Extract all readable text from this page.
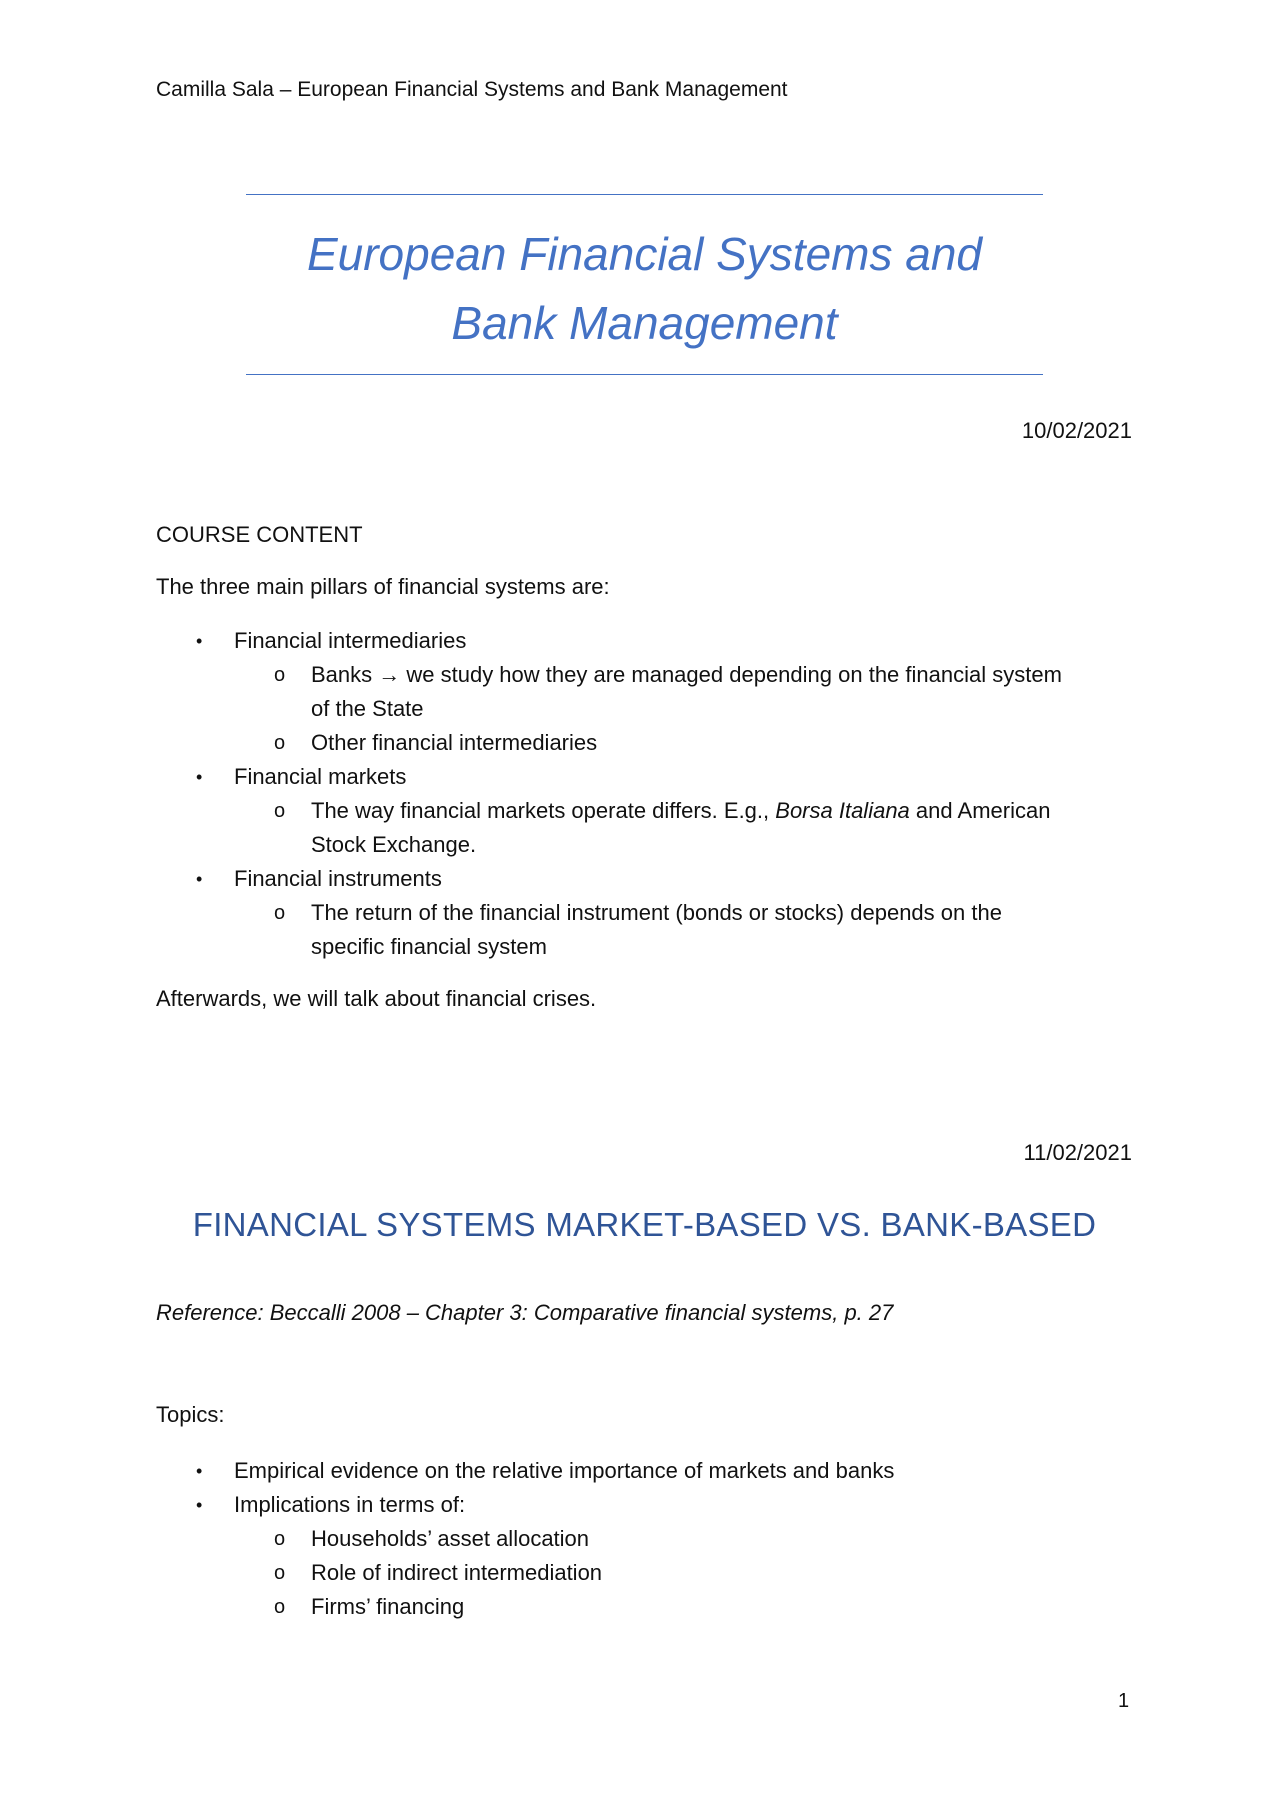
Camilla Sala – European Financial Systems and Bank Management
European Financial Systems and
Bank Management
10/02/2021
COURSE CONTENT
The three main pillars of financial systems are:
• Financial intermediaries
o Banks → we study how they are managed depending on the financial system
of the State
o Other financial intermediaries
• Financial markets
o The way financial markets operate differs. E.g., Borsa Italiana and American
Stock Exchange.
• Financial instruments
o The return of the financial instrument (bonds or stocks) depends on the
specific financial system
Afterwards, we will talk about financial crises.
11/02/2021
FINANCIAL SYSTEMS MARKET-BASED VS. BANK-BASED
Reference: Beccalli 2008 – Chapter 3: Comparative financial systems, p. 27
Topics:
• Empirical evidence on the relative importance of markets and banks
• Implications in terms of:
o Households’ asset allocation
o Role of indirect intermediation
o Firms’ financing
1
